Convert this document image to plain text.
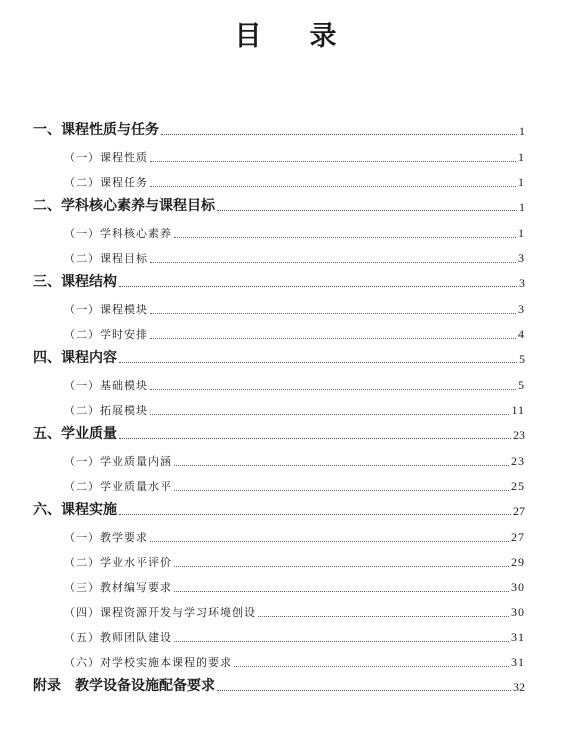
目 录
一、课程性质与任务	1
（一）课程性质	1
（二）课程任务	1
二、学科核心素养与课程目标	1
（一）学科核心素养	1
（二）课程目标	3
三、课程结构	3
（一）课程模块	3
（二）学时安排	4
四、课程内容	5
（一）基础模块	5
（二）拓展模块	11
五、学业质量	23
（一）学业质量内涵	23
（二）学业质量水平	25
六、课程实施	27
（一）教学要求	27
（二）学业水平评价	29
（三）教材编写要求	30
（四）课程资源开发与学习环境创设	30
（五）教师团队建设	31
（六）对学校实施本课程的要求	31
附录　教学设备设施配备要求	32
